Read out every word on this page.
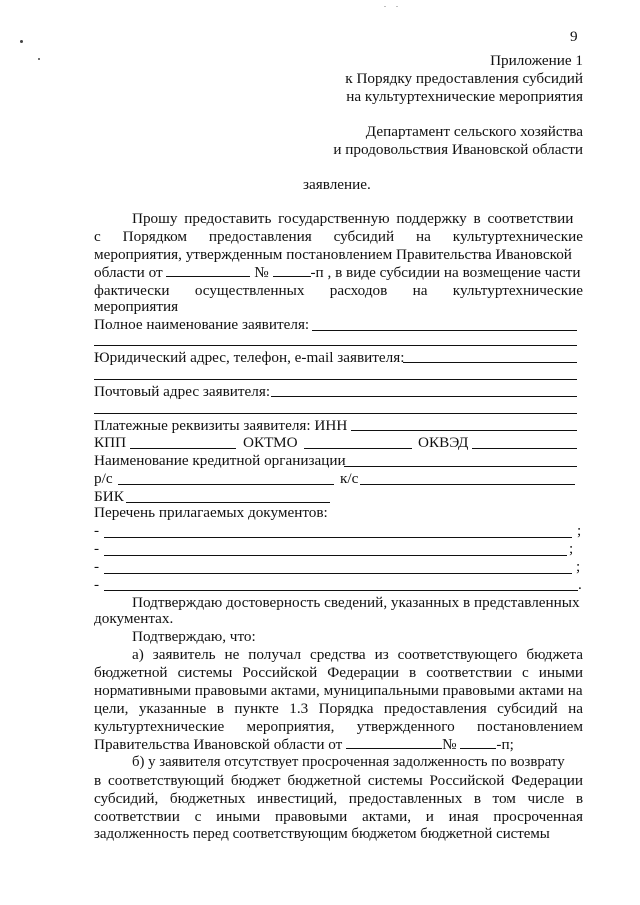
9
Приложение 1
к Порядку предоставления субсидий
на культуртехнические мероприятия
Департамент сельского хозяйства
и продовольствия Ивановской области
заявление.
Прошу предоставить государственную поддержку в соответствии
с Порядком предоставления субсидий на культуртехнические
мероприятия, утвержденным постановлением Правительства Ивановской
области от	№	-п , в виде субсидии на возмещение части
фактически осуществленных расходов на культуртехнические
мероприятия
Полное наименование заявителя:
Юридический адрес, телефон, e-mail заявителя:
Почтовый адрес заявителя:
Платежные реквизиты заявителя: ИНН
КПП	ОКТМО	ОКВЭД
Наименование кредитной организации
р/с	к/с
БИК
Перечень прилагаемых документов:
-	;
-	;
-	;
-	.
Подтверждаю достоверность сведений, указанных в представленных
документах.
Подтверждаю, что:
а) заявитель не получал средства из соответствующего бюджета
бюджетной системы Российской Федерации в соответствии с иными
нормативными правовыми актами, муниципальными правовыми актами на
цели, указанные в пункте 1.3 Порядка предоставления субсидий на
культуртехнические мероприятия, утвержденного постановлением
Правительства Ивановской области от	№	-п;
б) у заявителя отсутствует просроченная задолженность по возврату
в соответствующий бюджет бюджетной системы Российской Федерации
субсидий, бюджетных инвестиций, предоставленных в том числе в
соответствии с иными правовыми актами, и иная просроченная
задолженность перед соответствующим бюджетом бюджетной системы
